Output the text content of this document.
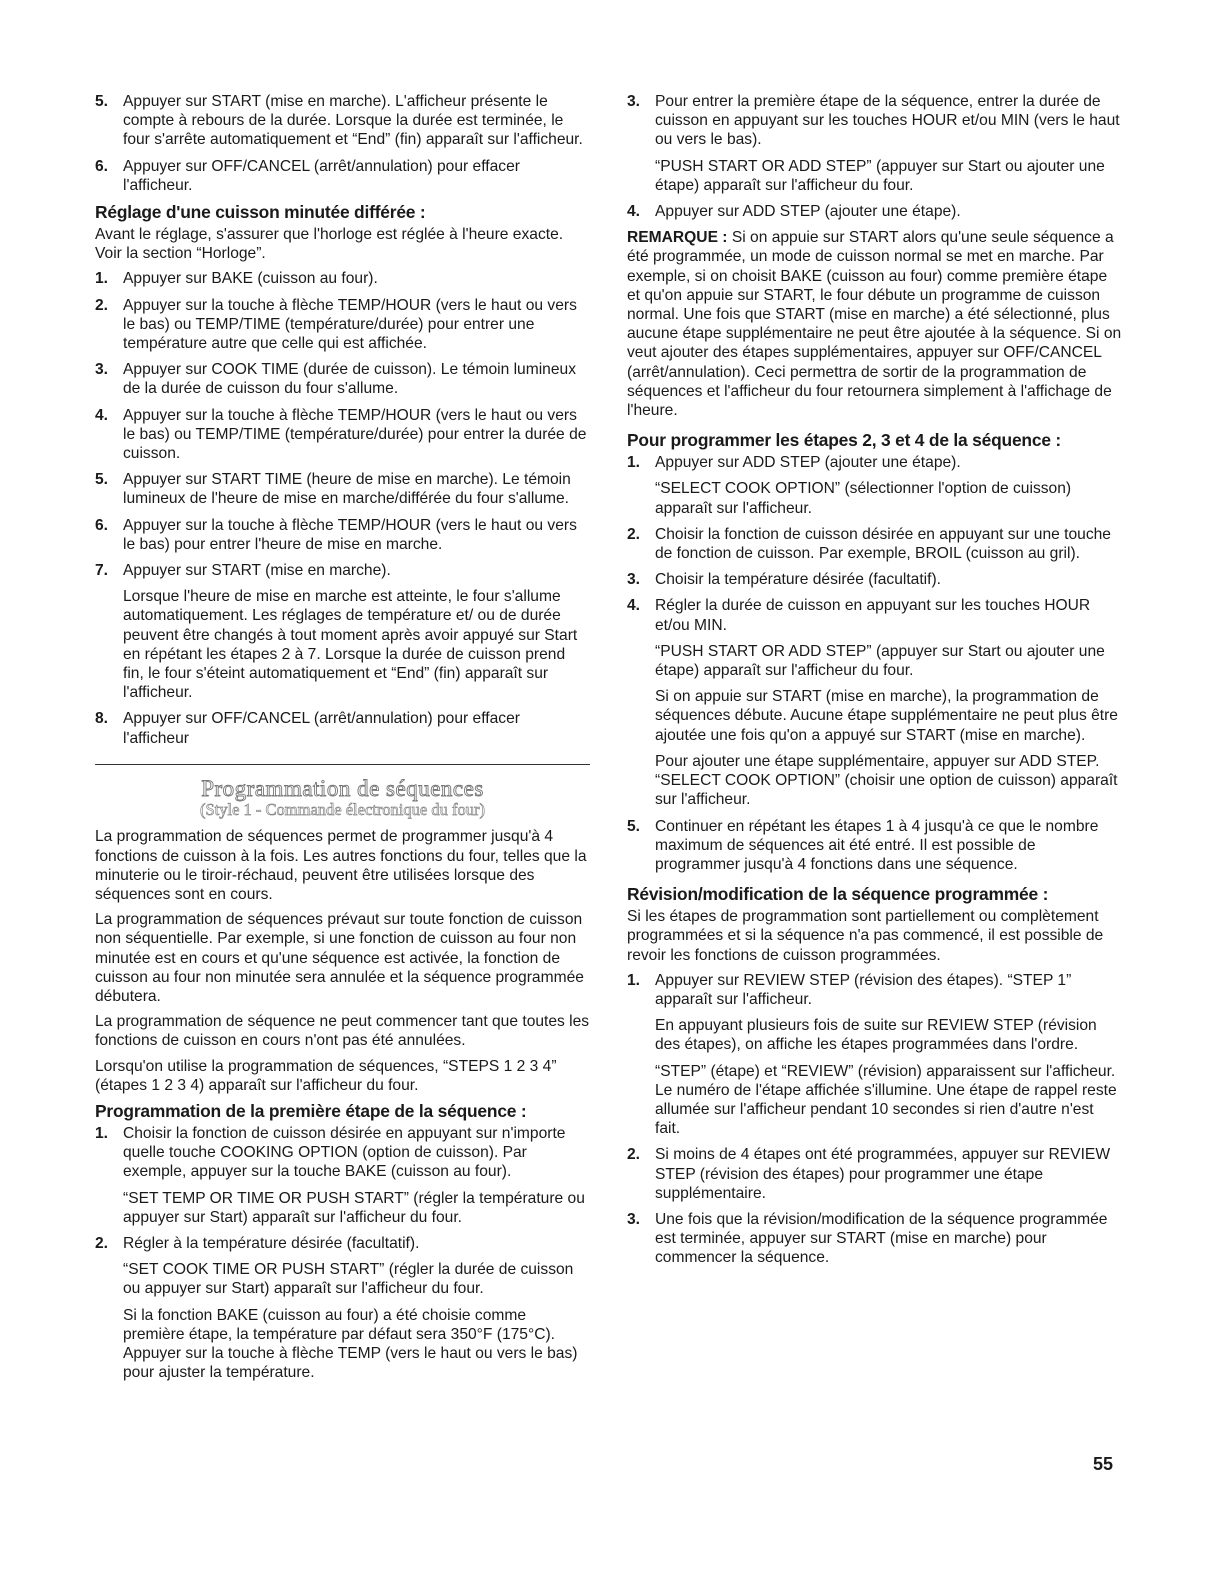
5. Appuyer sur START (mise en marche). L'afficheur présente le compte à rebours de la durée. Lorsque la durée est terminée, le four s'arrête automatiquement et “End” (fin) apparaît sur l'afficheur.

6. Appuyer sur OFF/CANCEL (arrêt/annulation) pour effacer l'afficheur.

Réglage d'une cuisson minutée différée :

Avant le réglage, s'assurer que l'horloge est réglée à l'heure exacte. Voir la section “Horloge”.

1. Appuyer sur BAKE (cuisson au four).

2. Appuyer sur la touche à flèche TEMP/HOUR (vers le haut ou vers le bas) ou TEMP/TIME (température/durée) pour entrer une température autre que celle qui est affichée.

3. Appuyer sur COOK TIME (durée de cuisson). Le témoin lumineux de la durée de cuisson du four s'allume.

4. Appuyer sur la touche à flèche TEMP/HOUR (vers le haut ou vers le bas) ou TEMP/TIME (température/durée) pour entrer la durée de cuisson.

5. Appuyer sur START TIME (heure de mise en marche). Le témoin lumineux de l'heure de mise en marche/différée du four s'allume.

6. Appuyer sur la touche à flèche TEMP/HOUR (vers le haut ou vers le bas) pour entrer l'heure de mise en marche.

7. Appuyer sur START (mise en marche).

Lorsque l'heure de mise en marche est atteinte, le four s'allume automatiquement. Les réglages de température et/ ou de durée peuvent être changés à tout moment après avoir appuyé sur Start en répétant les étapes 2 à 7. Lorsque la durée de cuisson prend fin, le four s'éteint automatiquement et “End” (fin) apparaît sur l'afficheur.

8. Appuyer sur OFF/CANCEL (arrêt/annulation) pour effacer l'afficheur

Programmation de séquences
(Style 1 - Commande électronique du four)

La programmation de séquences permet de programmer jusqu'à 4 fonctions de cuisson à la fois. Les autres fonctions du four, telles que la minuterie ou le tiroir-réchaud, peuvent être utilisées lorsque des séquences sont en cours.

La programmation de séquences prévaut sur toute fonction de cuisson non séquentielle. Par exemple, si une fonction de cuisson au four non minutée est en cours et qu'une séquence est activée, la fonction de cuisson au four non minutée sera annulée et la séquence programmée débutera.

La programmation de séquence ne peut commencer tant que toutes les fonctions de cuisson en cours n'ont pas été annulées.

Lorsqu'on utilise la programmation de séquences, “STEPS 1 2 3 4” (étapes 1 2 3 4) apparaît sur l'afficheur du four.

Programmation de la première étape de la séquence :
1. Choisir la fonction de cuisson désirée en appuyant sur n'importe quelle touche COOKING OPTION (option de cuisson). Par exemple, appuyer sur la touche BAKE (cuisson au four).

“SET TEMP OR TIME OR PUSH START” (régler la température ou appuyer sur Start) apparaît sur l'afficheur du four.

2. Régler à la température désirée (facultatif).

“SET COOK TIME OR PUSH START” (régler la durée de cuisson ou appuyer sur Start) apparaît sur l'afficheur du four.

Si la fonction BAKE (cuisson au four) a été choisie comme première étape, la température par défaut sera 350°F (175°C). Appuyer sur la touche à flèche TEMP (vers le haut ou vers le bas) pour ajuster la température.

3. Pour entrer la première étape de la séquence, entrer la durée de cuisson en appuyant sur les touches HOUR et/ou MIN (vers le haut ou vers le bas).

“PUSH START OR ADD STEP” (appuyer sur Start ou ajouter une étape) apparaît sur l'afficheur du four.

4. Appuyer sur ADD STEP (ajouter une étape).

REMARQUE : Si on appuie sur START alors qu'une seule séquence a été programmée, un mode de cuisson normal se met en marche. Par exemple, si on choisit BAKE (cuisson au four) comme première étape et qu'on appuie sur START, le four débute un programme de cuisson normal. Une fois que START (mise en marche) a été sélectionné, plus aucune étape supplémentaire ne peut être ajoutée à la séquence. Si on veut ajouter des étapes supplémentaires, appuyer sur OFF/CANCEL (arrêt/annulation). Ceci permettra de sortir de la programmation de séquences et l'afficheur du four retournera simplement à l'affichage de l'heure.

Pour programmer les étapes 2, 3 et 4 de la séquence :
1. Appuyer sur ADD STEP (ajouter une étape).

“SELECT COOK OPTION” (sélectionner l'option de cuisson) apparaît sur l'afficheur.

2. Choisir la fonction de cuisson désirée en appuyant sur une touche de fonction de cuisson. Par exemple, BROIL (cuisson au gril).

3. Choisir la température désirée (facultatif).

4. Régler la durée de cuisson en appuyant sur les touches HOUR et/ou MIN.

“PUSH START OR ADD STEP” (appuyer sur Start ou ajouter une étape) apparaît sur l'afficheur du four.

Si on appuie sur START (mise en marche), la programmation de séquences débute. Aucune étape supplémentaire ne peut plus être ajoutée une fois qu'on a appuyé sur START (mise en marche).

Pour ajouter une étape supplémentaire, appuyer sur ADD STEP. “SELECT COOK OPTION” (choisir une option de cuisson) apparaît sur l'afficheur.

5. Continuer en répétant les étapes 1 à 4 jusqu'à ce que le nombre maximum de séquences ait été entré. Il est possible de programmer jusqu'à 4 fonctions dans une séquence.

Révision/modification de la séquence programmée :

Si les étapes de programmation sont partiellement ou complètement programmées et si la séquence n'a pas commencé, il est possible de revoir les fonctions de cuisson programmées.

1. Appuyer sur REVIEW STEP (révision des étapes). “STEP 1” apparaît sur l'afficheur.

En appuyant plusieurs fois de suite sur REVIEW STEP (révision des étapes), on affiche les étapes programmées dans l'ordre.

“STEP” (étape) et “REVIEW” (révision) apparaissent sur l'afficheur. Le numéro de l'étape affichée s'illumine. Une étape de rappel reste allumée sur l'afficheur pendant 10 secondes si rien d'autre n'est fait.

2. Si moins de 4 étapes ont été programmées, appuyer sur REVIEW STEP (révision des étapes) pour programmer une étape supplémentaire.

3. Une fois que la révision/modification de la séquence programmée est terminée, appuyer sur START (mise en marche) pour commencer la séquence.

55
